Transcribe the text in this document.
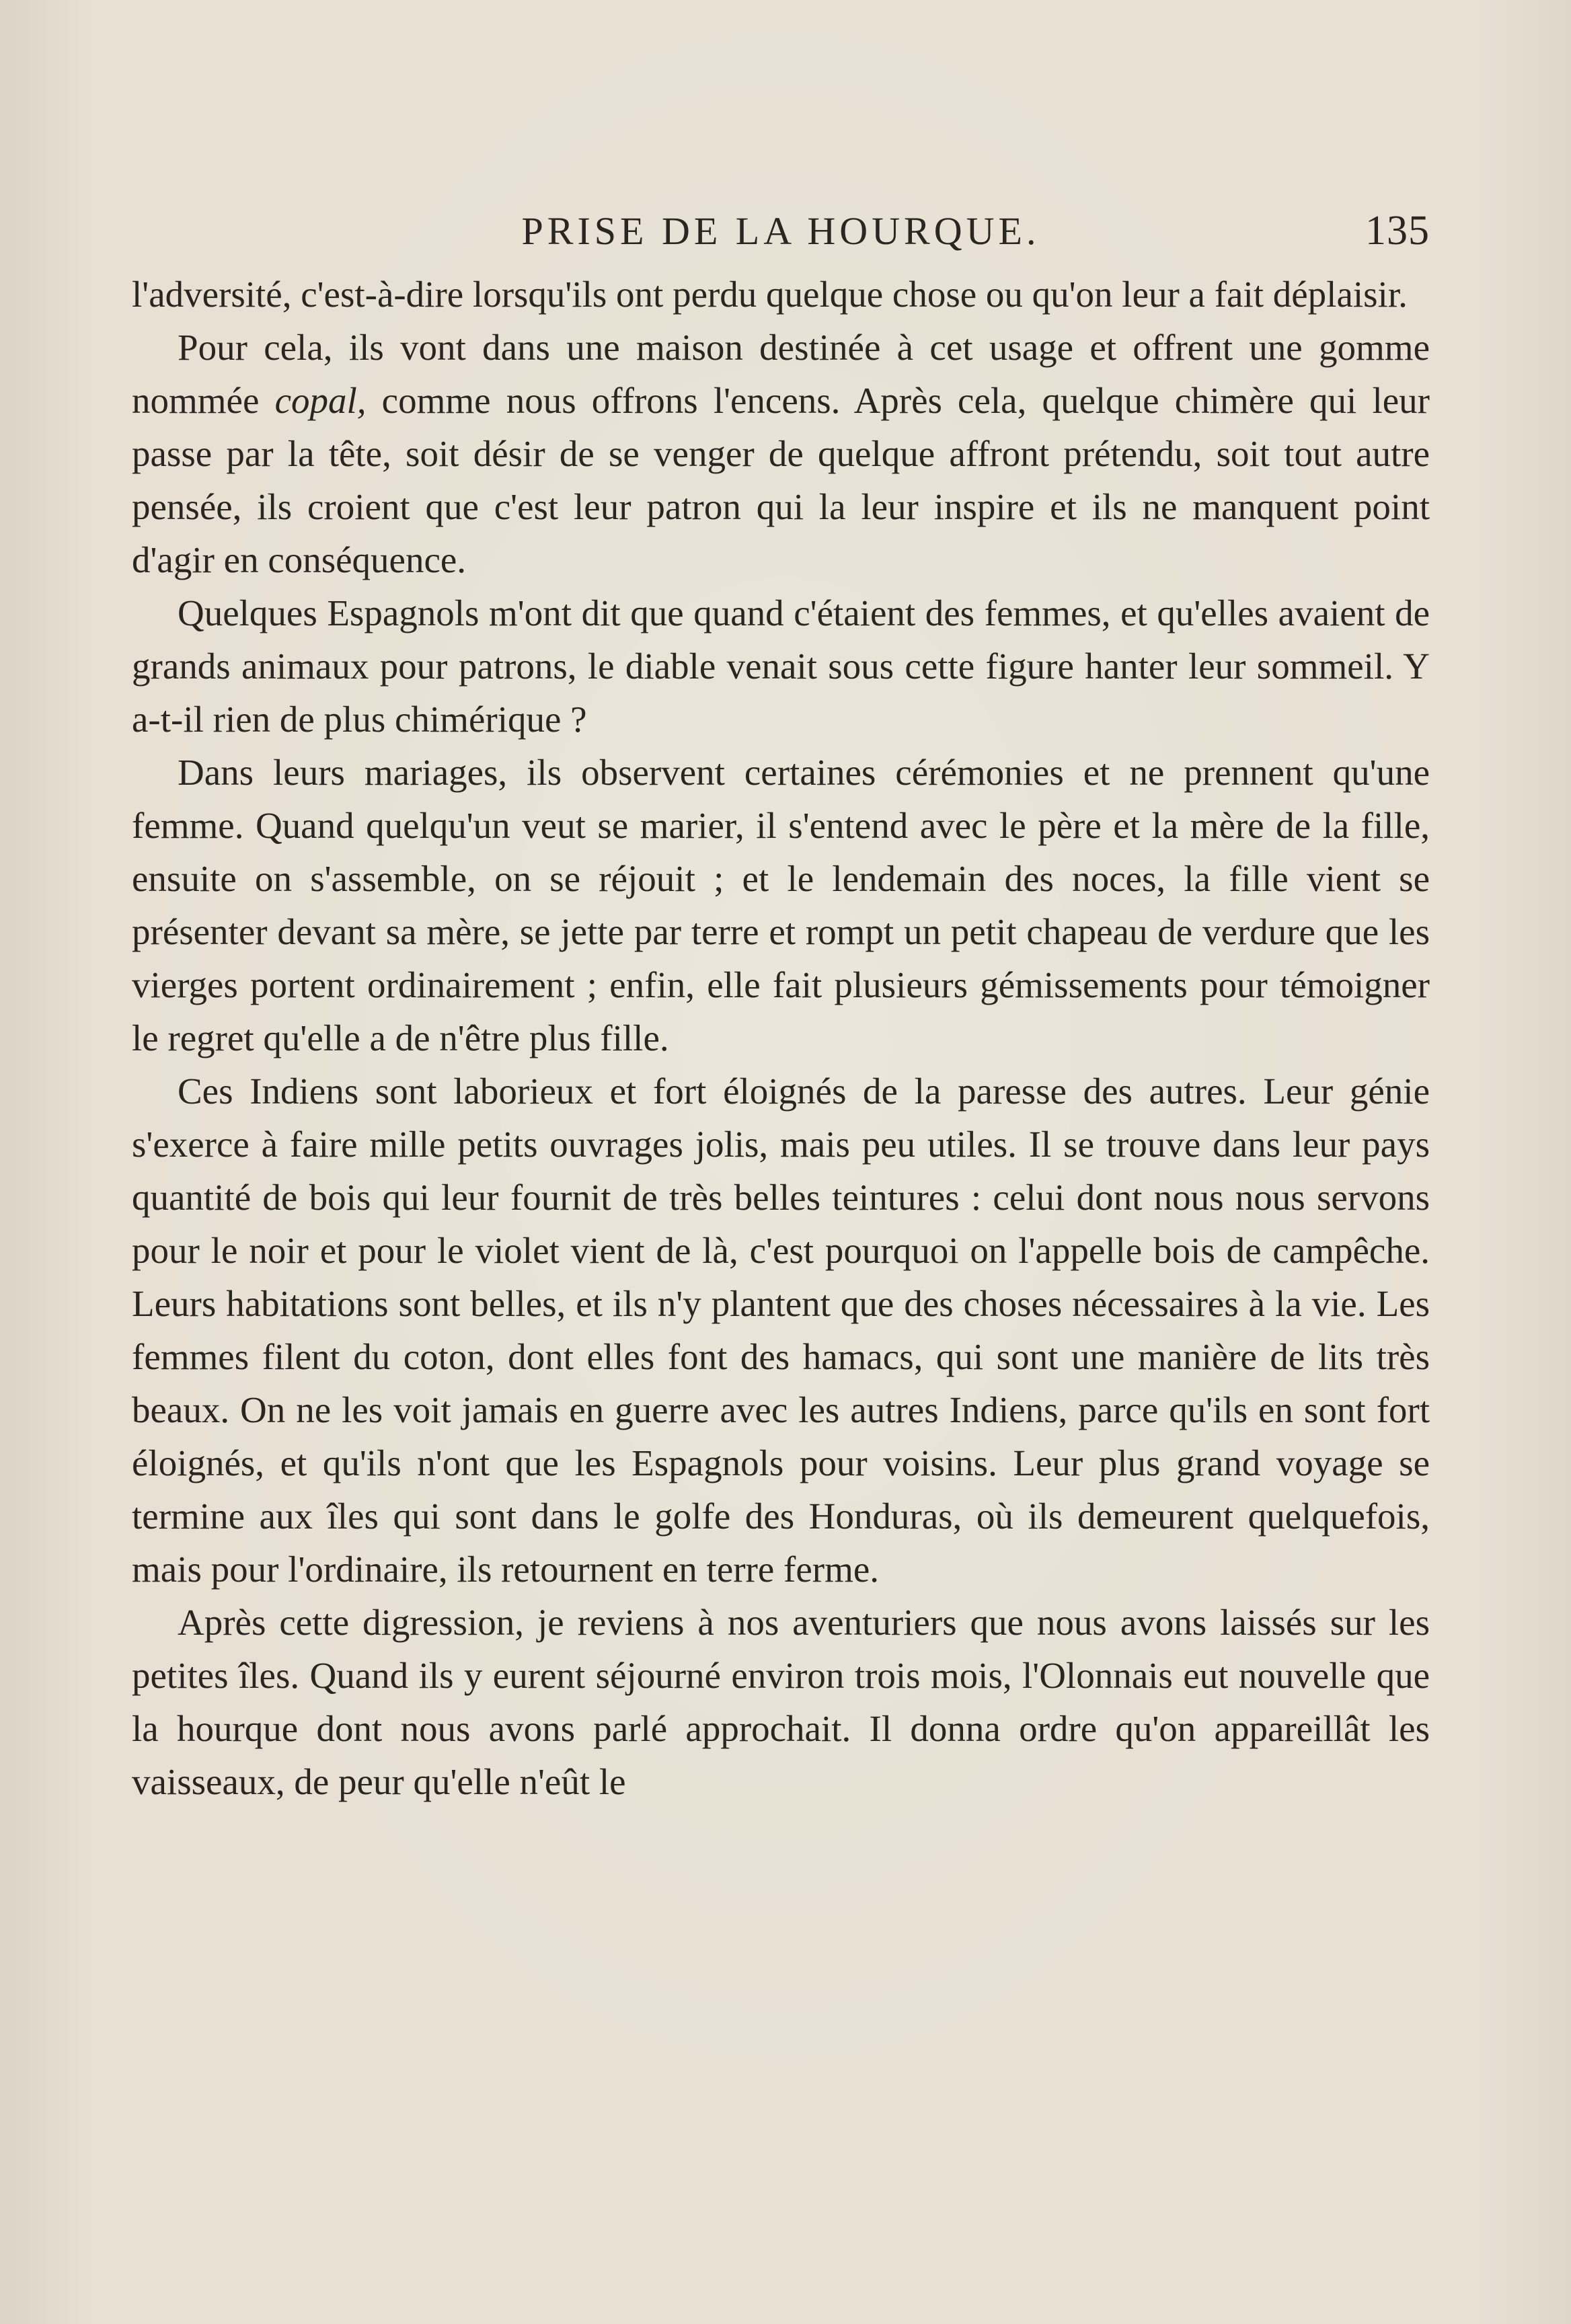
PRISE DE LA HOURQUE.	135

l'adversité, c'est-à-dire lorsqu'ils ont perdu quelque chose ou qu'on leur a fait déplaisir.

Pour cela, ils vont dans une maison destinée à cet usage et offrent une gomme nommée copal, comme nous offrons l'encens. Après cela, quelque chimère qui leur passe par la tête, soit désir de se venger de quelque affront prétendu, soit tout autre pensée, ils croient que c'est leur patron qui la leur inspire et ils ne manquent point d'agir en conséquence.

Quelques Espagnols m'ont dit que quand c'étaient des femmes, et qu'elles avaient de grands animaux pour patrons, le diable venait sous cette figure hanter leur sommeil. Y a-t-il rien de plus chimérique ?

Dans leurs mariages, ils observent certaines cérémonies et ne prennent qu'une femme. Quand quelqu'un veut se marier, il s'entend avec le père et la mère de la fille, ensuite on s'assemble, on se réjouit ; et le lendemain des noces, la fille vient se présenter devant sa mère, se jette par terre et rompt un petit chapeau de verdure que les vierges portent ordinairement ; enfin, elle fait plusieurs gémissements pour témoigner le regret qu'elle a de n'être plus fille.

Ces Indiens sont laborieux et fort éloignés de la paresse des autres. Leur génie s'exerce à faire mille petits ouvrages jolis, mais peu utiles. Il se trouve dans leur pays quantité de bois qui leur fournit de très belles teintures : celui dont nous nous servons pour le noir et pour le violet vient de là, c'est pourquoi on l'appelle bois de campêche. Leurs habitations sont belles, et ils n'y plantent que des choses nécessaires à la vie. Les femmes filent du coton, dont elles font des hamacs, qui sont une manière de lits très beaux. On ne les voit jamais en guerre avec les autres Indiens, parce qu'ils en sont fort éloignés, et qu'ils n'ont que les Espagnols pour voisins. Leur plus grand voyage se termine aux îles qui sont dans le golfe des Honduras, où ils demeurent quelquefois, mais pour l'ordinaire, ils retournent en terre ferme.

Après cette digression, je reviens à nos aventuriers que nous avons laissés sur les petites îles. Quand ils y eurent séjourné environ trois mois, l'Olonnais eut nouvelle que la hourque dont nous avons parlé approchait. Il donna ordre qu'on appareillât les vaisseaux, de peur qu'elle n'eût le
